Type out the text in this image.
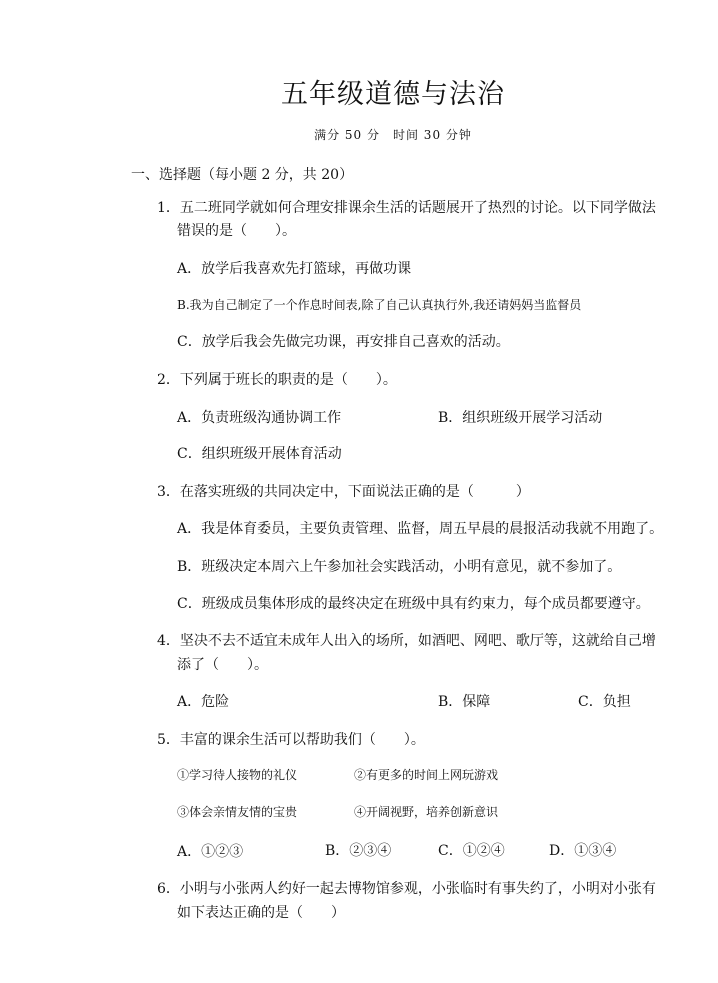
五年级道德与法治
满分 50 分　时间 30 分钟
一、选择题（每小题 2 分，共 20）
1．五二班同学就如何合理安排课余生活的话题展开了热烈的讨论。以下同学做法
错误的是（　　）。
A．放学后我喜欢先打篮球，再做功课
B.我为自己制定了一个作息时间表,除了自己认真执行外,我还请妈妈当监督员
C．放学后我会先做完功课，再安排自己喜欢的活动。
2．下列属于班长的职责的是（　　）。
A．负责班级沟通协调工作	B．组织班级开展学习活动
C．组织班级开展体育活动
3．在落实班级的共同决定中，下面说法正确的是（　　　）
A．我是体育委员，主要负责管理、监督，周五早晨的晨报活动我就不用跑了。
B．班级决定本周六上午参加社会实践活动，小明有意见，就不参加了。
C．班级成员集体形成的最终决定在班级中具有约束力，每个成员都要遵守。
4．坚决不去不适宜未成年人出入的场所，如酒吧、网吧、歌厅等，这就给自己增
添了（　　）。
A．危险	B．保障	C．负担
5．丰富的课余生活可以帮助我们（　　）。
①学习待人接物的礼仪	②有更多的时间上网玩游戏
③体会亲情友情的宝贵	④开阔视野，培养创新意识
A．①②③	B．②③④	C．①②④	D．①③④
6．小明与小张两人约好一起去博物馆参观，小张临时有事失约了，小明对小张有
如下表达正确的是（　　）
